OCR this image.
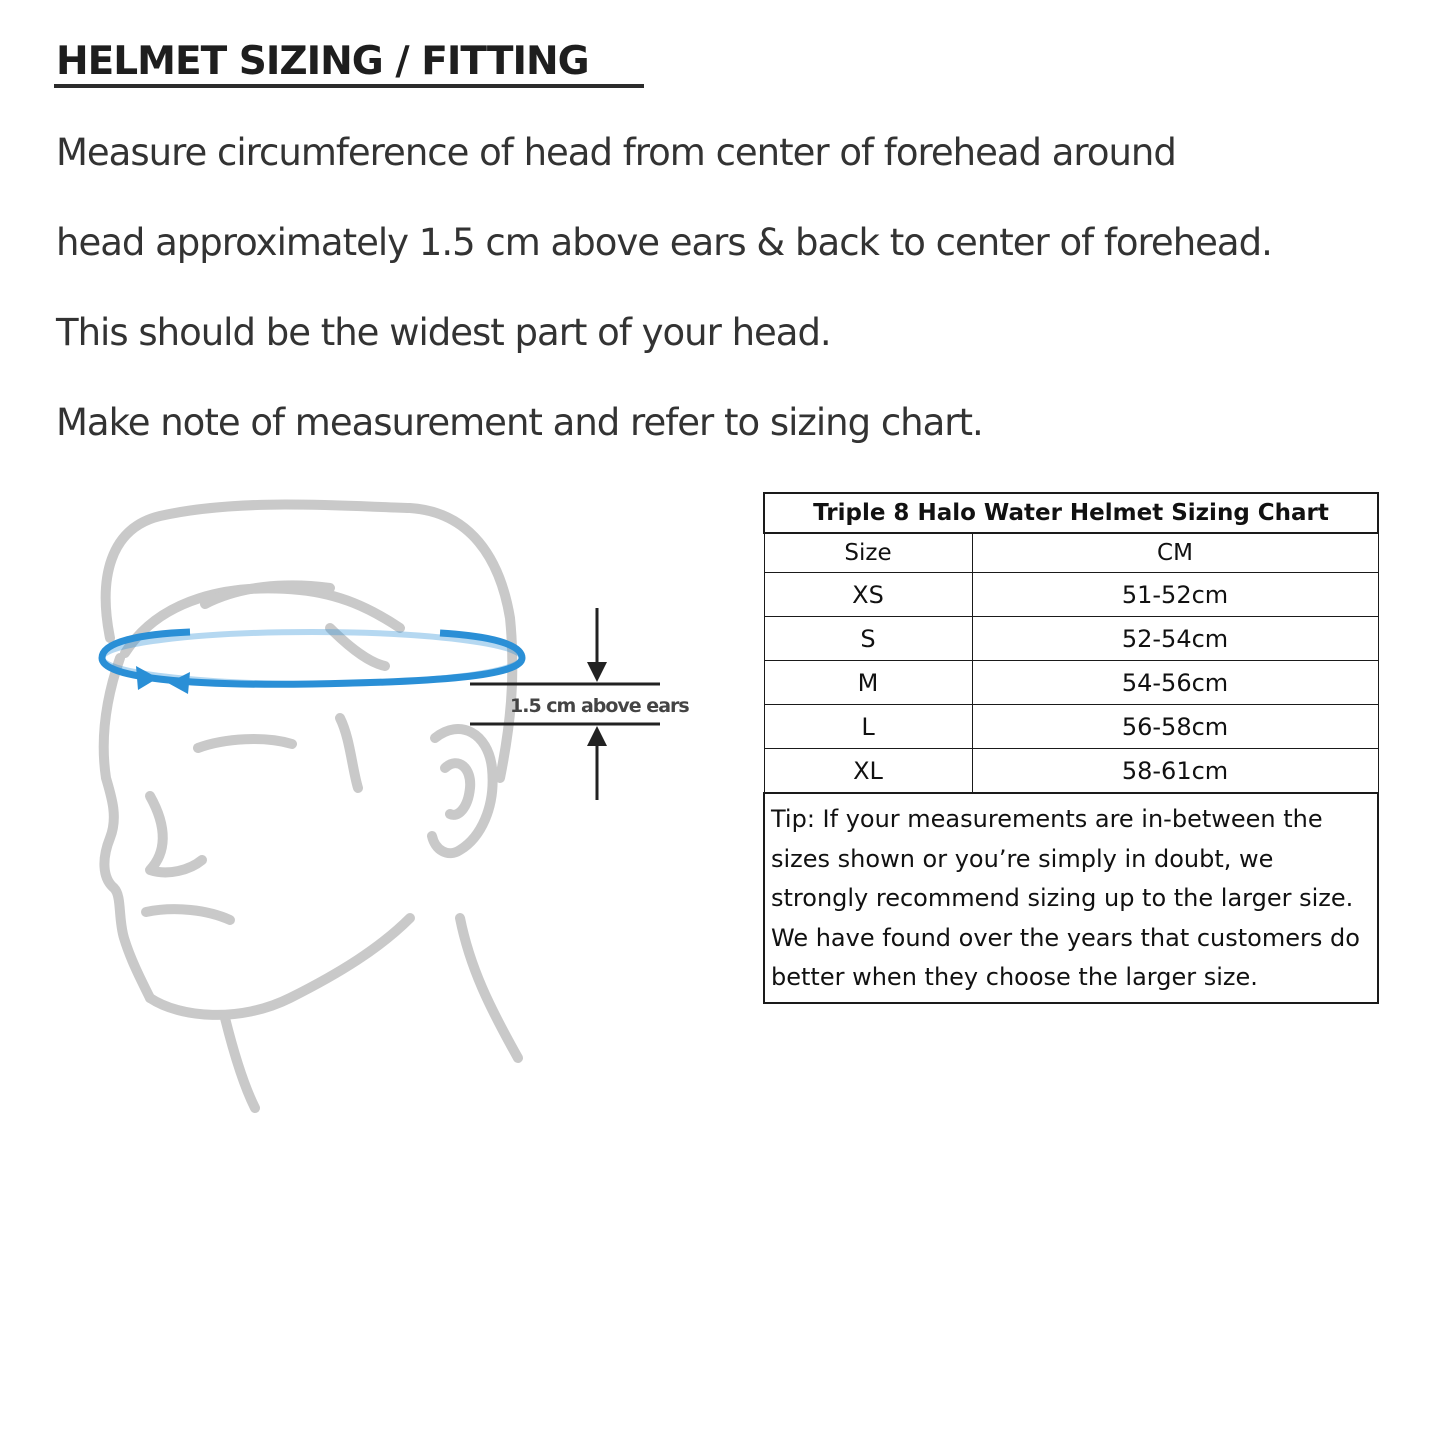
HELMET SIZING / FITTING

Measure circumference of head from center of forehead around

head approximately 1.5 cm above ears & back to center of forehead.

This should be the widest part of your head.

Make note of measurement and refer to sizing chart.

1.5 cm above ears
Triple 8 Halo Water Helmet Sizing Chart	
Size	CM
XS	51-52cm
S	52-54cm
M	54-56cm
L	56-58cm
XL	58-61cm
Tip: If your measurements are in-between the sizes shown or you’re simply in doubt, we strongly recommend sizing up to the larger size. We have found over the years that customers do better when they choose the larger size.	
